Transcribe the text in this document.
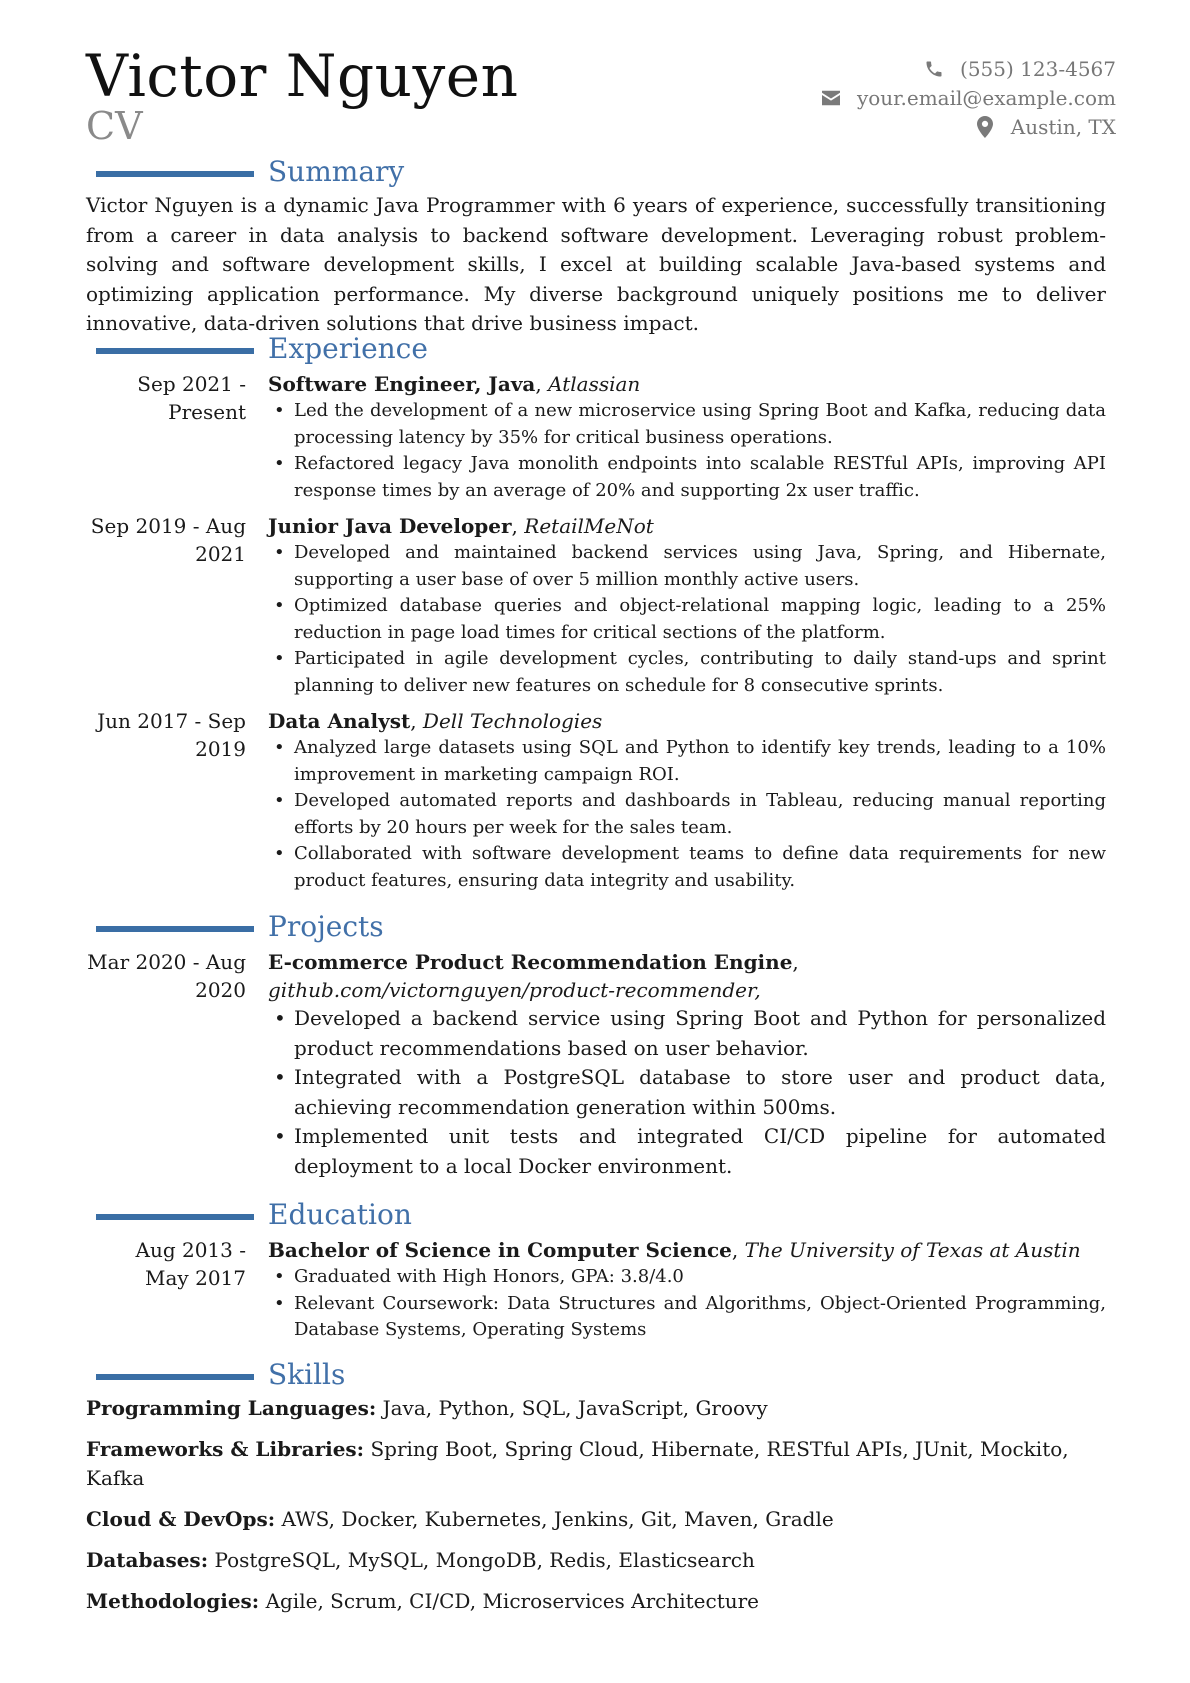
Victor Nguyen
CV
(555) 123-4567
your.email@example.com
Austin, TX
Summary
Victor Nguyen is a dynamic Java Programmer with 6 years of experience, successfully transitioning from a career in data analysis to backend software development. Leveraging robust problem-solving and software development skills, I excel at building scalable Java-based systems and optimizing application performance. My diverse background uniquely positions me to deliver innovative, data-driven solutions that drive business impact.
Experience
Sep 2021 - Present
Software Engineer, Java, Atlassian
• Led the development of a new microservice using Spring Boot and Kafka, reducing data processing latency by 35% for critical business operations.
• Refactored legacy Java monolith endpoints into scalable RESTful APIs, improving API response times by an average of 20% and supporting 2x user traffic.
Sep 2019 - Aug 2021
Junior Java Developer, RetailMeNot
• Developed and maintained backend services using Java, Spring, and Hibernate, supporting a user base of over 5 million monthly active users.
• Optimized database queries and object-relational mapping logic, leading to a 25% reduction in page load times for critical sections of the platform.
• Participated in agile development cycles, contributing to daily stand-ups and sprint planning to deliver new features on schedule for 8 consecutive sprints.
Jun 2017 - Sep 2019
Data Analyst, Dell Technologies
• Analyzed large datasets using SQL and Python to identify key trends, leading to a 10% improvement in marketing campaign ROI.
• Developed automated reports and dashboards in Tableau, reducing manual reporting efforts by 20 hours per week for the sales team.
• Collaborated with software development teams to define data requirements for new product features, ensuring data integrity and usability.
Projects
Mar 2020 - Aug 2020
E-commerce Product Recommendation Engine, github.com/victornguyen/product-recommender,
• Developed a backend service using Spring Boot and Python for personalized product recommendations based on user behavior.
• Integrated with a PostgreSQL database to store user and product data, achieving recommendation generation within 500ms.
• Implemented unit tests and integrated CI/CD pipeline for automated deployment to a local Docker environment.
Education
Aug 2013 - May 2017
Bachelor of Science in Computer Science, The University of Texas at Austin
• Graduated with High Honors, GPA: 3.8/4.0
• Relevant Coursework: Data Structures and Algorithms, Object-Oriented Programming, Database Systems, Operating Systems
Skills
Programming Languages: Java, Python, SQL, JavaScript, Groovy
Frameworks & Libraries: Spring Boot, Spring Cloud, Hibernate, RESTful APIs, JUnit, Mockito, Kafka
Cloud & DevOps: AWS, Docker, Kubernetes, Jenkins, Git, Maven, Gradle
Databases: PostgreSQL, MySQL, MongoDB, Redis, Elasticsearch
Methodologies: Agile, Scrum, CI/CD, Microservices Architecture
